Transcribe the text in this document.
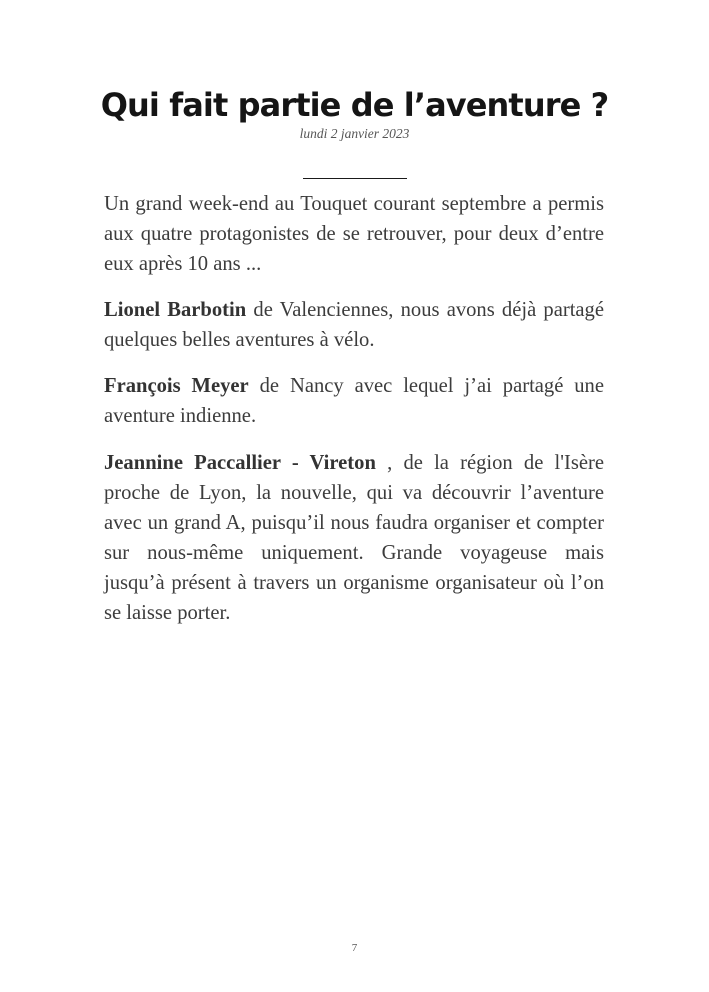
Qui fait partie de l’aventure ?
lundi 2 janvier 2023

Un grand week-end au Touquet courant septembre a permis aux quatre protagonistes de se retrouver, pour deux d’entre eux après 10 ans ...

Lionel Barbotin de Valenciennes, nous avons déjà partagé quelques belles aventures à vélo.

François Meyer de Nancy avec lequel j’ai partagé une aventure indienne.

Jeannine Paccallier - Vireton , de la région de l'Isère proche de Lyon, la nouvelle, qui va découvrir l’aventure avec un grand A, puisqu’il nous faudra organiser et compter sur nous-même uniquement. Grande voyageuse mais jusqu’à présent à travers un organisme organisateur où l’on se laisse porter.

7
